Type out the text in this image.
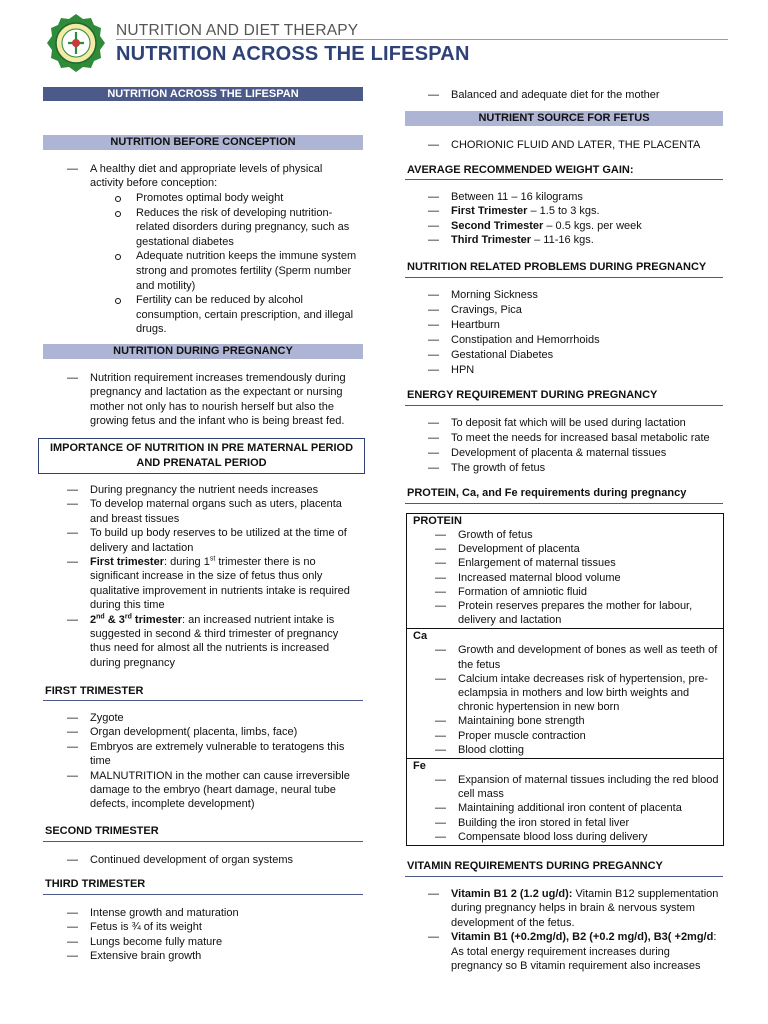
NUTRITION AND DIET THERAPY
NUTRITION ACROSS THE LIFESPAN
NUTRITION ACROSS THE LIFESPAN
NUTRITION BEFORE CONCEPTION
— A healthy diet and appropriate levels of physical activity before conception:
Promotes optimal body weight
Reduces the risk of developing nutrition-related disorders during pregnancy, such as gestational diabetes
Adequate nutrition keeps the immune system strong and promotes fertility (Sperm number and motility)
Fertility can be reduced by alcohol consumption, certain prescription, and illegal drugs.
NUTRITION DURING PREGNANCY
— Nutrition requirement increases tremendously during pregnancy and lactation as the expectant or nursing mother not only has to nourish herself but also the growing fetus and the infant who is being breast fed.
IMPORTANCE OF NUTRITION IN PRE MATERNAL PERIOD AND PRENATAL PERIOD
— During pregnancy the nutrient needs increases
— To develop maternal organs such as uters, placenta and breast tissues
— To build up body reserves to be utilized at the time of delivery and lactation
— First trimester: during 1st trimester there is no significant increase in the size of fetus thus only qualitative improvement in nutrients intake is required during this time
— 2nd & 3rd trimester: an increased nutrient intake is suggested in second & third trimester of pregnancy thus need for almost all the nutrients is increased during pregnancy
FIRST TRIMESTER
— Zygote
— Organ development( placenta, limbs, face)
— Embryos are extremely vulnerable to teratogens this time
— MALNUTRITION in the mother can cause irreversible damage to the embryo (heart damage, neural tube defects, incomplete development)
SECOND TRIMESTER
— Continued development of organ systems
THIRD TRIMESTER
— Intense growth and maturation
— Fetus is ¾ of its weight
— Lungs become fully mature
— Extensive brain growth
— Balanced and adequate diet for the mother
NUTRIENT SOURCE FOR FETUS
— CHORIONIC FLUID AND LATER, THE PLACENTA
AVERAGE RECOMMENDED WEIGHT GAIN:
— Between 11 – 16 kilograms
— First Trimester – 1.5 to 3 kgs.
— Second Trimester – 0.5 kgs. per week
— Third Trimester – 11-16 kgs.
NUTRITION RELATED PROBLEMS DURING PREGNANCY
— Morning Sickness
— Cravings, Pica
— Heartburn
— Constipation and Hemorrhoids
— Gestational Diabetes
— HPN
ENERGY REQUIREMENT DURING PREGNANCY
— To deposit fat which will be used during lactation
— To meet the needs for increased basal metabolic rate
— Development of placenta & maternal tissues
— The growth of fetus
PROTEIN, Ca, and Fe requirements during pregnancy
PROTEIN
— Growth of fetus
— Development of placenta
— Enlargement of maternal tissues
— Increased maternal blood volume
— Formation of amniotic fluid
— Protein reserves prepares the mother for labour, delivery and lactation
Ca
— Growth and development of bones as well as teeth of the fetus
— Calcium intake decreases risk of hypertension, pre-eclampsia in mothers and low birth weights and chronic hypertension in new born
— Maintaining bone strength
— Proper muscle contraction
— Blood clotting
Fe
— Expansion of maternal tissues including the red blood cell mass
— Maintaining additional iron content of placenta
— Building the iron stored in fetal liver
— Compensate blood loss during delivery
VITAMIN REQUIREMENTS DURING PREGANNCY
— Vitamin B1 2 (1.2 ug/d): Vitamin B12 supplementation during pregnancy helps in brain & nervous system development of the fetus.
— Vitamin B1 (+0.2mg/d), B2 (+0.2 mg/d), B3( +2mg/d: As total energy requirement increases during pregnancy so B vitamin requirement also increases
